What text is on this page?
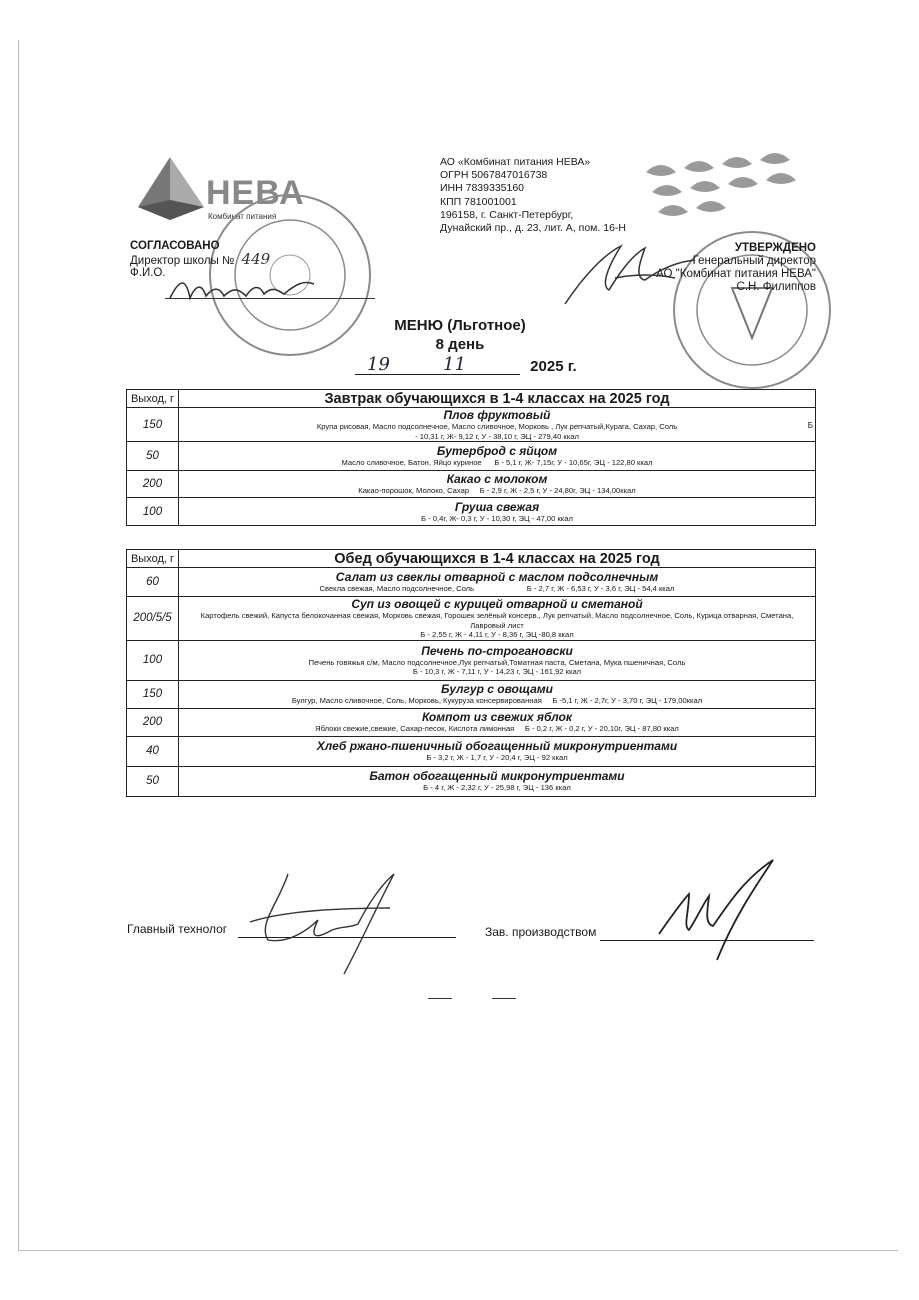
НЕВА
Комбинат питания
АО «Комбинат питания НЕВА»
ОГРН 5067847016738
ИНН 7839335160
КПП 781001001
196158, г. Санкт-Петербург,
Дунайский пр., д. 23, лит. А, пом. 16-Н
СОГЛАСОВАНО
Директор школы № 449
Ф.И.О.
УТВЕРЖДЕНО
Генеральный директор
АО "Комбинат питания НЕВА"
С.Н. Филиппов
МЕНЮ (Льготное)
8 день
19	11	2025 г.
Выход, г	Завтрак обучающихся в 1-4 классах на 2025 год
150	Плов фруктовый
Крупа рисовая, Масло подсолнечное, Масло сливочное, Морковь , Лук репчатый,Курага, Сахар, Соль
- 10,31 г, Ж- 9,12 г, У - 38,10 г, ЭЦ - 279,40 ккал
Б

50	Бутерброд с яйцом
Масло сливочное, Батон, Яйцо куриное Б - 5,1 г, Ж- 7,15г, У - 10,65г, ЭЦ - 122,80 ккал

200	Какао с молоком
Какао-порошок, Молоко, Сахар Б - 2,9 г, Ж - 2,5 г, У - 24,80г, ЭЦ - 134,00ккал

100	Груша свежая
Б - 0,4г, Ж- 0,3 г, У - 10,30 г, ЭЦ - 47,00 ккал
Выход, г	Обед обучающихся в 1-4 классах на 2025 год
60	Салат из свеклы отварной с маслом подсолнечным
Свекла свежая, Масло подсолнечное, Соль Б - 2,7 г, Ж - 6,53 г, У - 3,6 г, ЭЦ - 54,4 ккал

200/5/5	Суп из овощей с курицей отварной и сметаной
Картофель свежий, Капуста белокочанная свежая, Морковь свежая, Горошек зелёный консерв., Лук репчатый, Масло подсолнечное, Соль, Курица отварная, Сметана, Лавровый лист
Б - 2,55 г, Ж - 4,11 г, У - 8,36 г, ЭЦ -80,8 ккал

100	Печень по-строгановски
Печень говяжья с/м, Масло подсолнечное,Лук репчатый,Томатная паста, Сметана, Мука пшеничная, Соль
Б - 10,3 г, Ж - 7,11 г, У - 14,23 г, ЭЦ - 161,92 ккал

150	Булгур с овощами
Булгур, Масло сливочное, Соль, Морковь, Кукуруза консервированная Б -5,1 г, Ж - 2,7г, У - 3,70 г, ЭЦ - 179,00ккал

200	Компот из свежих яблок
Яблоки свежие,свежие, Сахар-песок, Кислота лимонная Б - 0,2 г, Ж - 0,2 г, У - 20,10г, ЭЦ - 87,80 ккал

40	Хлеб ржано-пшеничный обогащенный микронутриентами
Б - 3,2 г, Ж - 1,7 г, У - 20,4 г, ЭЦ - 92 ккал

50	Батон обогащенный микронутриентами
Б - 4 г, Ж - 2,32 г, У - 25,98 г, ЭЦ - 136 ккал
Главный технолог	Зав. производством
